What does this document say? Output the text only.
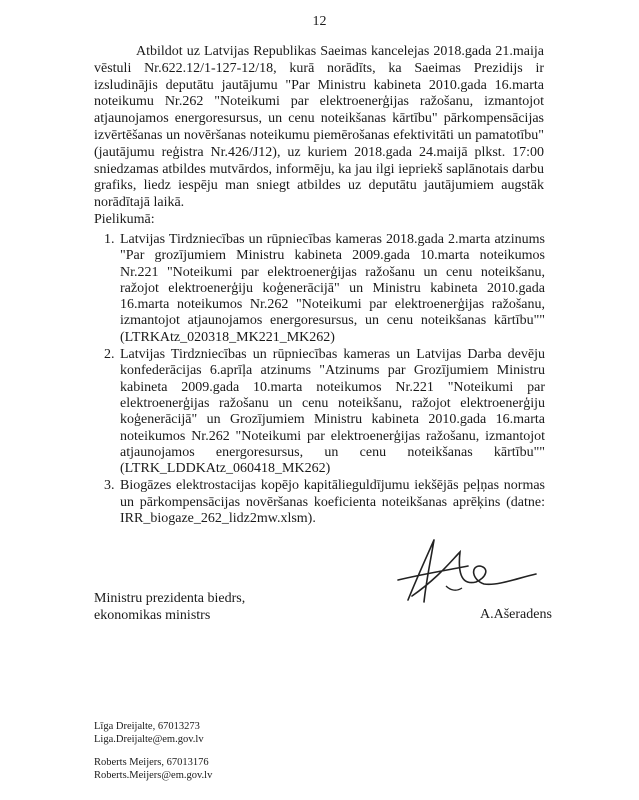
12

Atbildot uz Latvijas Republikas Saeimas kancelejas 2018.gada 21.maija vēstuli Nr.622.12/1-127-12/18, kurā norādīts, ka Saeimas Prezidijs ir izsludinājis deputātu jautājumu "Par Ministru kabineta 2010.gada 16.marta noteikumu Nr.262 "Noteikumi par elektroenerģijas ražošanu, izmantojot atjaunojamos energoresursus, un cenu noteikšanas kārtību" pārkompensācijas izvērtēšanas un novēršanas noteikumu piemērošanas efektivitāti un pamatotību" (jautājumu reģistra Nr.426/J12), uz kuriem 2018.gada 24.maijā plkst. 17:00 sniedzamas atbildes mutvārdos, informēju, ka jau ilgi iepriekš saplānotais darbu grafiks, liedz iespēju man sniegt atbildes uz deputātu jautājumiem augstāk norādītajā laikā.

Pielikumā:
1. Latvijas Tirdzniecības un rūpniecības kameras 2018.gada 2.marta atzinums "Par grozījumiem Ministru kabineta 2009.gada 10.marta noteikumos Nr.221 "Noteikumi par elektroenerģijas ražošanu un cenu noteikšanu, ražojot elektroenerģiju koģenerācijā" un Ministru kabineta 2010.gada 16.marta noteikumos Nr.262 "Noteikumi par elektroenerģijas ražošanu, izmantojot atjaunojamos energoresursus, un cenu noteikšanas kārtību"" (LTRKAtz_020318_MK221_MK262)
2. Latvijas Tirdzniecības un rūpniecības kameras un Latvijas Darba devēju konfederācijas 6.aprīļa atzinums "Atzinums par Grozījumiem Ministru kabineta 2009.gada 10.marta noteikumos Nr.221 "Noteikumi par elektroenerģijas ražošanu un cenu noteikšanu, ražojot elektroenerģiju koģenerācijā" un Grozījumiem Ministru kabineta 2010.gada 16.marta noteikumos Nr.262 "Noteikumi par elektroenerģijas ražošanu, izmantojot atjaunojamos energoresursus, un cenu noteikšanas kārtību"" (LTRK_LDDKAtz_060418_MK262)
3. Biogāzes elektrostacijas kopējo kapitālieguldījumu iekšējās peļņas normas un pārkompensācijas novēršanas koeficienta noteikšanas aprēķins (datne: IRR_biogaze_262_lidz2mw.xlsm).
Ministru prezidenta biedrs,
ekonomikas ministrs	A.Ašeradens
Līga Dreijalte, 67013273
Liga.Dreijalte@em.gov.lv
Roberts Meijers, 67013176
Roberts.Meijers@em.gov.lv
